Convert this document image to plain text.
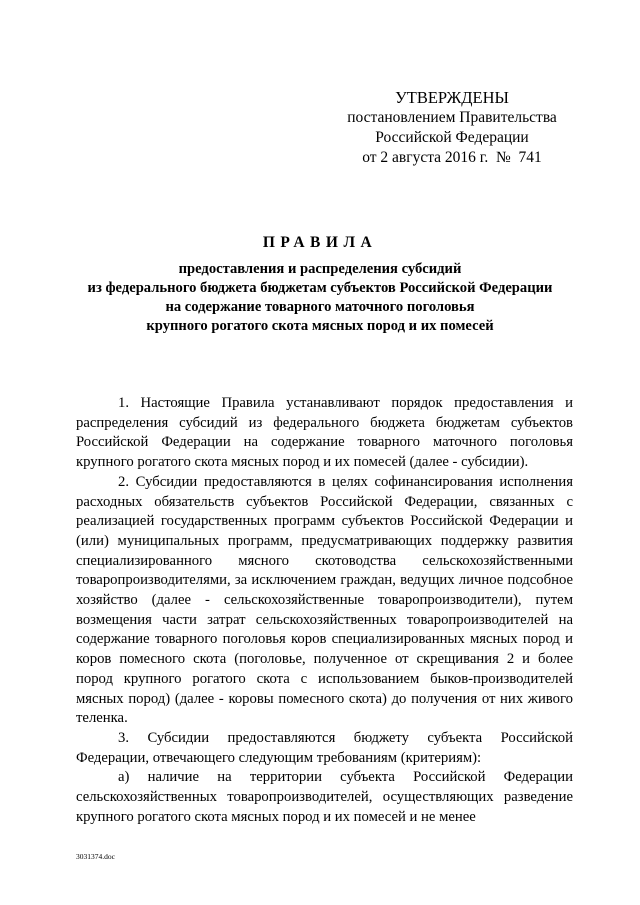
УТВЕРЖДЕНЫ
постановлением Правительства
Российской Федерации
от 2 августа 2016 г.  №  741
ПРАВИЛА
предоставления и распределения субсидий
из федерального бюджета бюджетам субъектов Российской Федерации
на содержание товарного маточного поголовья
крупного рогатого скота мясных пород и их помесей

1. Настоящие Правила устанавливают порядок предоставления и распределения субсидий из федерального бюджета бюджетам субъектов Российской Федерации на содержание товарного маточного поголовья крупного рогатого скота мясных пород и их помесей (далее - субсидии).

2. Субсидии предоставляются в целях софинансирования исполнения расходных обязательств субъектов Российской Федерации, связанных с реализацией государственных программ субъектов Российской Федерации и (или) муниципальных программ, предусматривающих поддержку развития специализированного мясного скотоводства сельскохозяйственными товаропроизводителями, за исключением граждан, ведущих личное подсобное хозяйство (далее - сельскохозяйственные товаропроизводители), путем возмещения части затрат сельскохозяйственных товаропроизводителей на содержание товарного поголовья коров специализированных мясных пород и коров помесного скота (поголовье, полученное от скрещивания 2 и более пород крупного рогатого скота с использованием быков-производителей мясных пород) (далее - коровы помесного скота) до получения от них живого теленка.

3. Субсидии предоставляются бюджету субъекта Российской Федерации, отвечающего следующим требованиям (критериям):

а) наличие на территории субъекта Российской Федерации сельскохозяйственных товаропроизводителей, осуществляющих разведение крупного рогатого скота мясных пород и их помесей и не менее

3031374.doc
